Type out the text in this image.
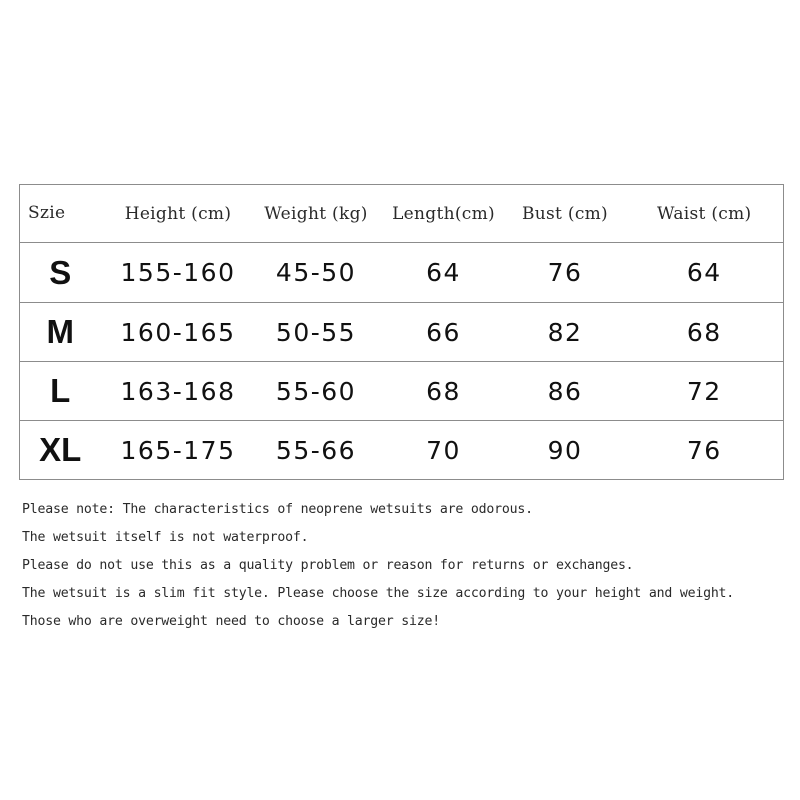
Szie	Height (cm)	Weight (kg)	Length(cm)	Bust (cm)	Waist (cm)
S	155-160	45-50	64	76	64
M	160-165	50-55	66	82	68
L	163-168	55-60	68	86	72
XL	165-175	55-66	70	90	76
Please note: The characteristics of neoprene wetsuits are odorous.
The wetsuit itself is not waterproof.
Please do not use this as a quality problem or reason for returns or exchanges.
The wetsuit is a slim fit style. Please choose the size according to your height and weight.
Those who are overweight need to choose a larger size!
